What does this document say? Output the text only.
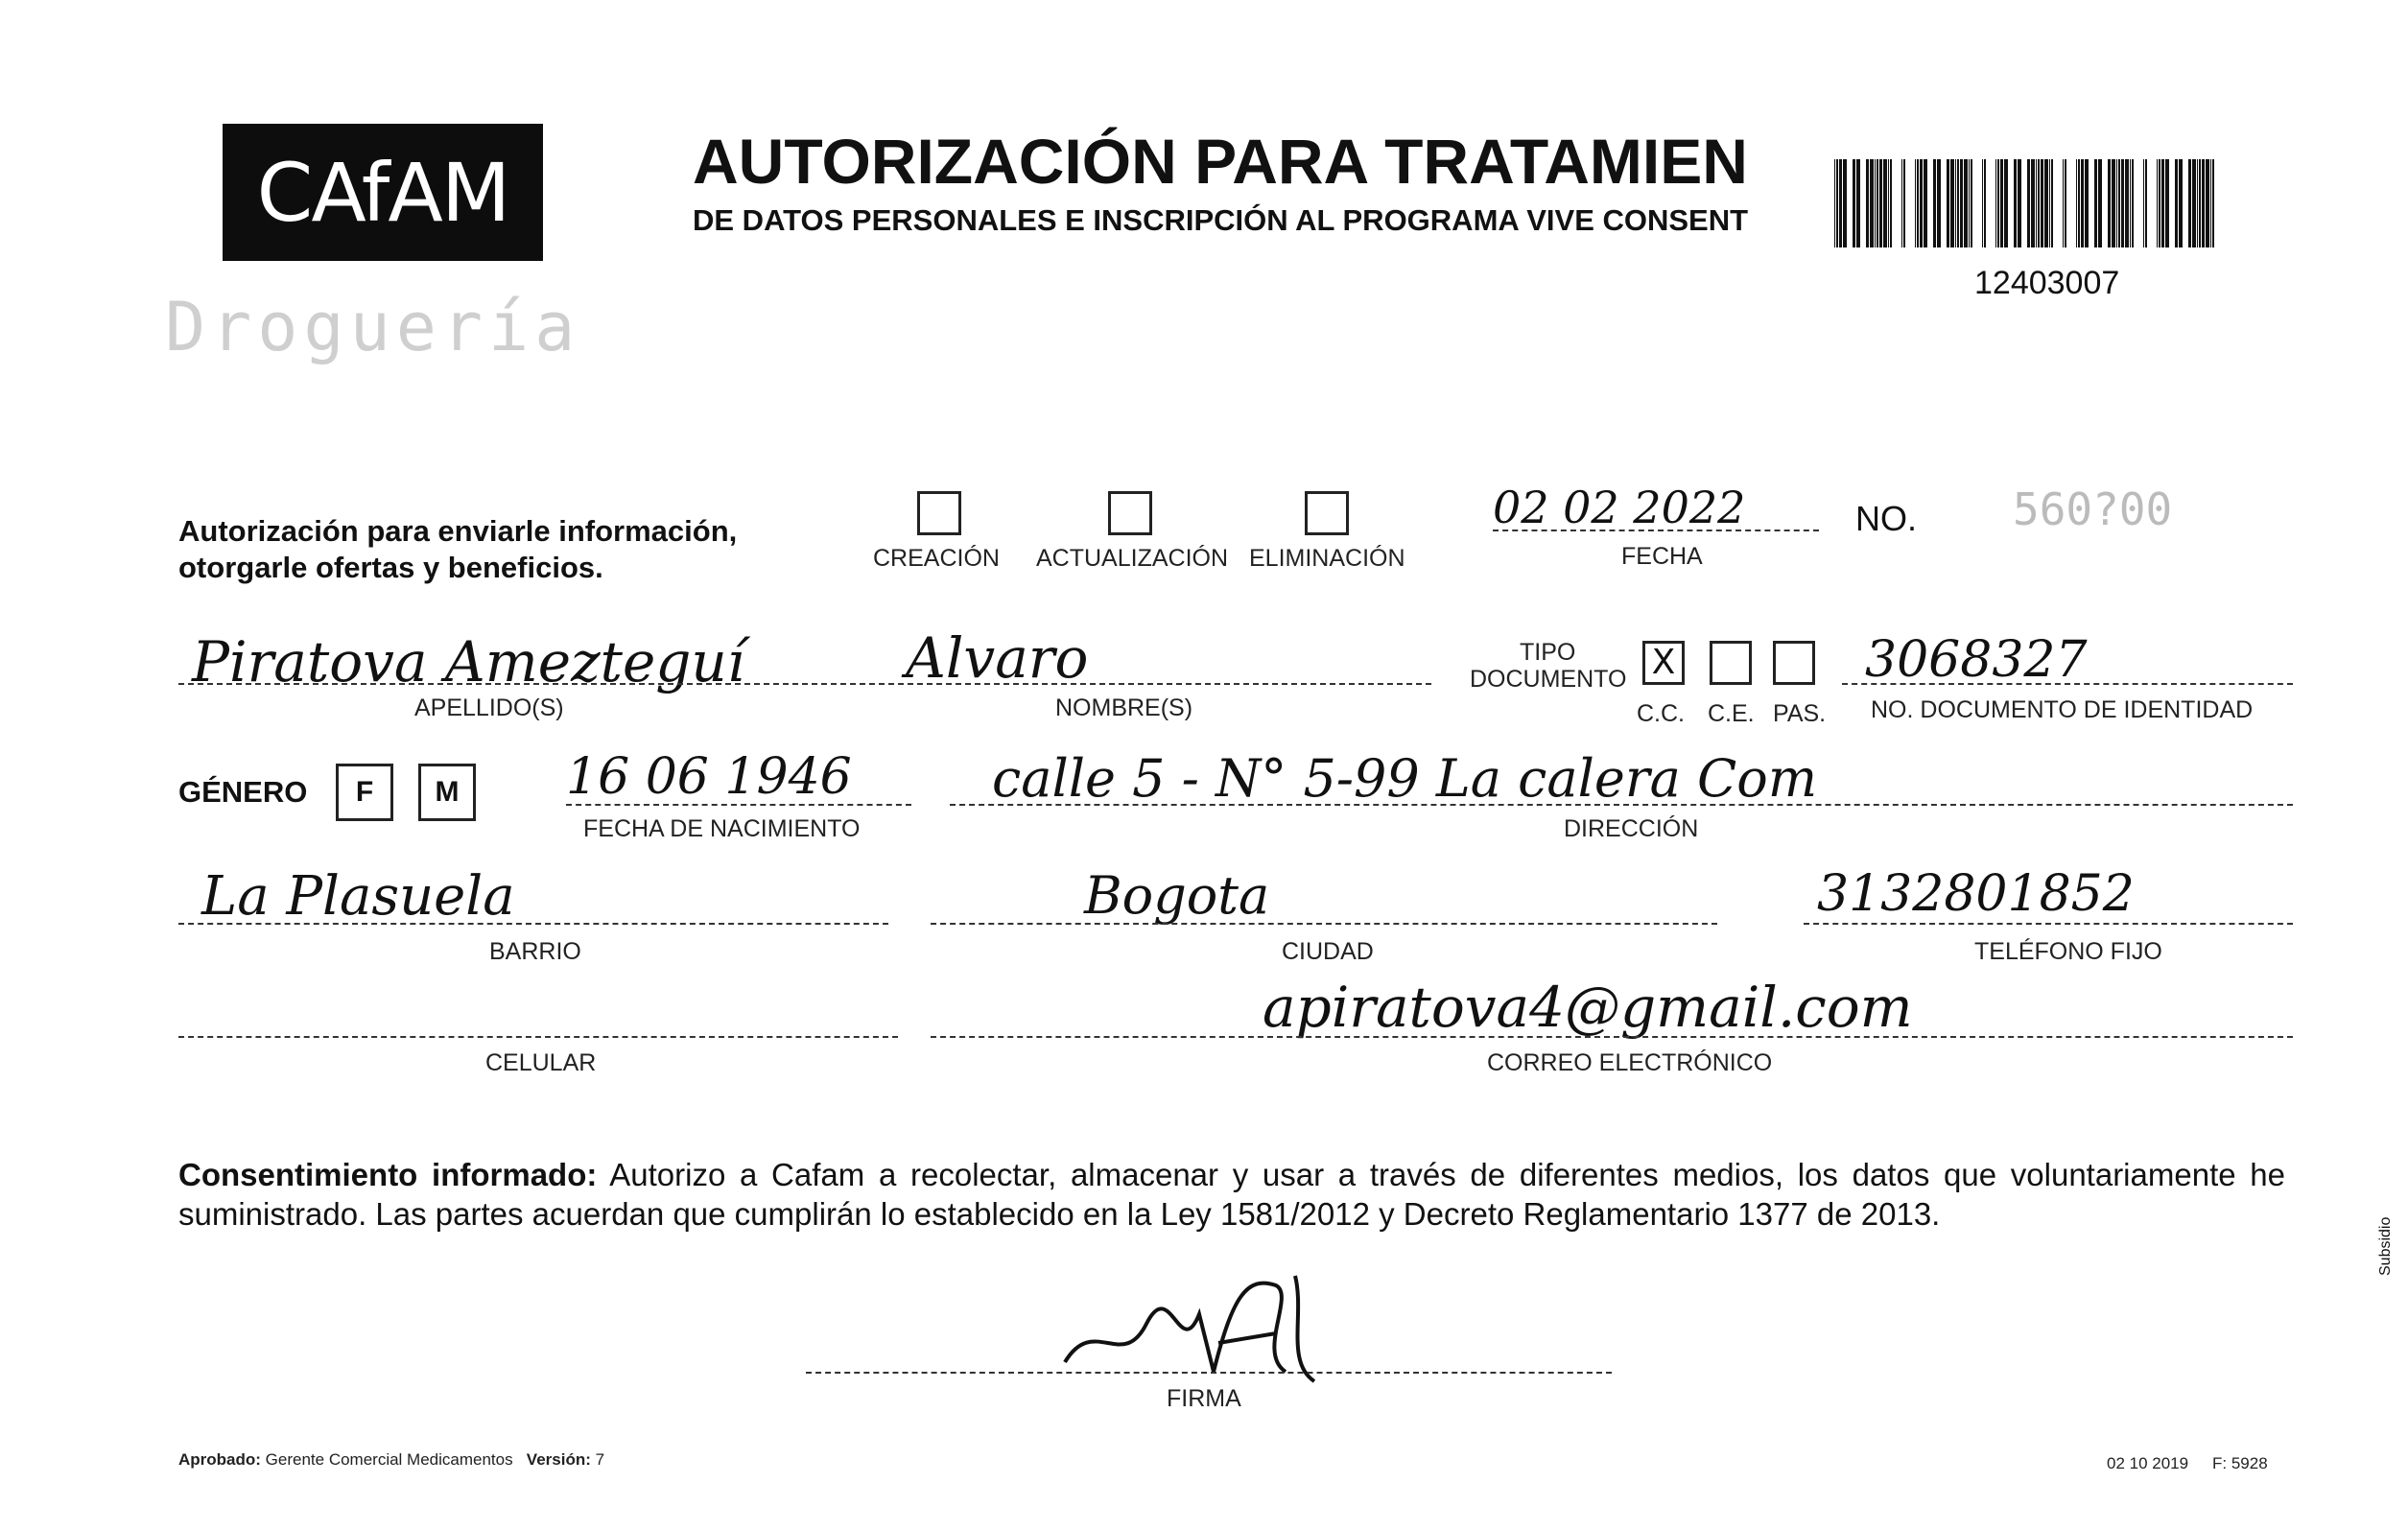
CAfAM
Droguería
AUTORIZACIÓN PARA TRATAMIEN
DE DATOS PERSONALES E INSCRIPCIÓN AL PROGRAMA VIVE CONSENT
12403007
Autorización para enviarle información,
otorgarle ofertas y beneficios.	CREACIÓN ACTUALIZACIÓN ELIMINACIÓN
02 02 2022
FECHA
NO. 560?00
Piratova Amezteguí
APELLIDO(S)
Alvaro
NOMBRE(S)
TIPO
DOCUMENTO X
C.C. C.E. PAS.
3068327
NO. DOCUMENTO DE IDENTIDAD
GÉNERO	F	M	16 06 1946
FECHA DE NACIMIENTO
calle 5 - N° 5-99 La calera Com
DIRECCIÓN
La Plasuela
BARRIO
Bogota
CIUDAD
3132801852
TELÉFONO FIJO
CELULAR
apiratova4@gmail.com
CORREO ELECTRÓNICO
Consentimiento informado: Autorizo a Cafam a recolectar, almacenar y usar a través de diferentes medios, los datos que voluntariamente he suministrado. Las partes acuerdan que cumplirán lo establecido en la Ley 1581/2012 y Decreto Reglamentario 1377 de 2013.
FIRMA
Aprobado: Gerente Comercial Medicamentos Versión: 7	02 10 2019 F: 5928
Subsidio
